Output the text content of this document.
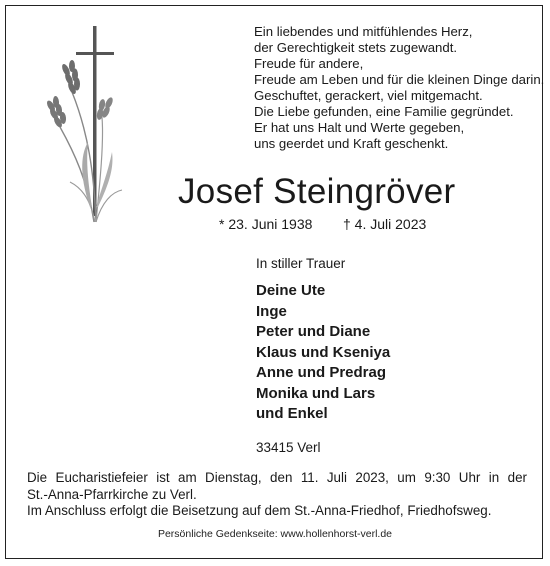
Ein liebendes und mitfühlendes Herz,
der Gerechtigkeit stets zugewandt.
Freude für andere,
Freude am Leben und für die kleinen Dinge darin.
Geschuftet, gerackert, viel mitgemacht.
Die Liebe gefunden, eine Familie gegründet.
Er hat uns Halt und Werte gegeben,
uns geerdet und Kraft geschenkt.
Josef Steingröver
* 23. Juni 1938 † 4. Juli 2023
In stiller Trauer
Deine Ute
Inge
Peter und Diane
Klaus und Kseniya
Anne und Predrag
Monika und Lars
und Enkel
33415 Verl

Die Eucharistiefeier ist am Dienstag, den 11. Juli 2023, um 9:30 Uhr in der

St.-Anna-Pfarrkirche zu Verl.

Im Anschluss erfolgt die Beisetzung auf dem St.-Anna-Friedhof, Friedhofsweg.

Persönliche Gedenkseite: www.hollenhorst-verl.de
